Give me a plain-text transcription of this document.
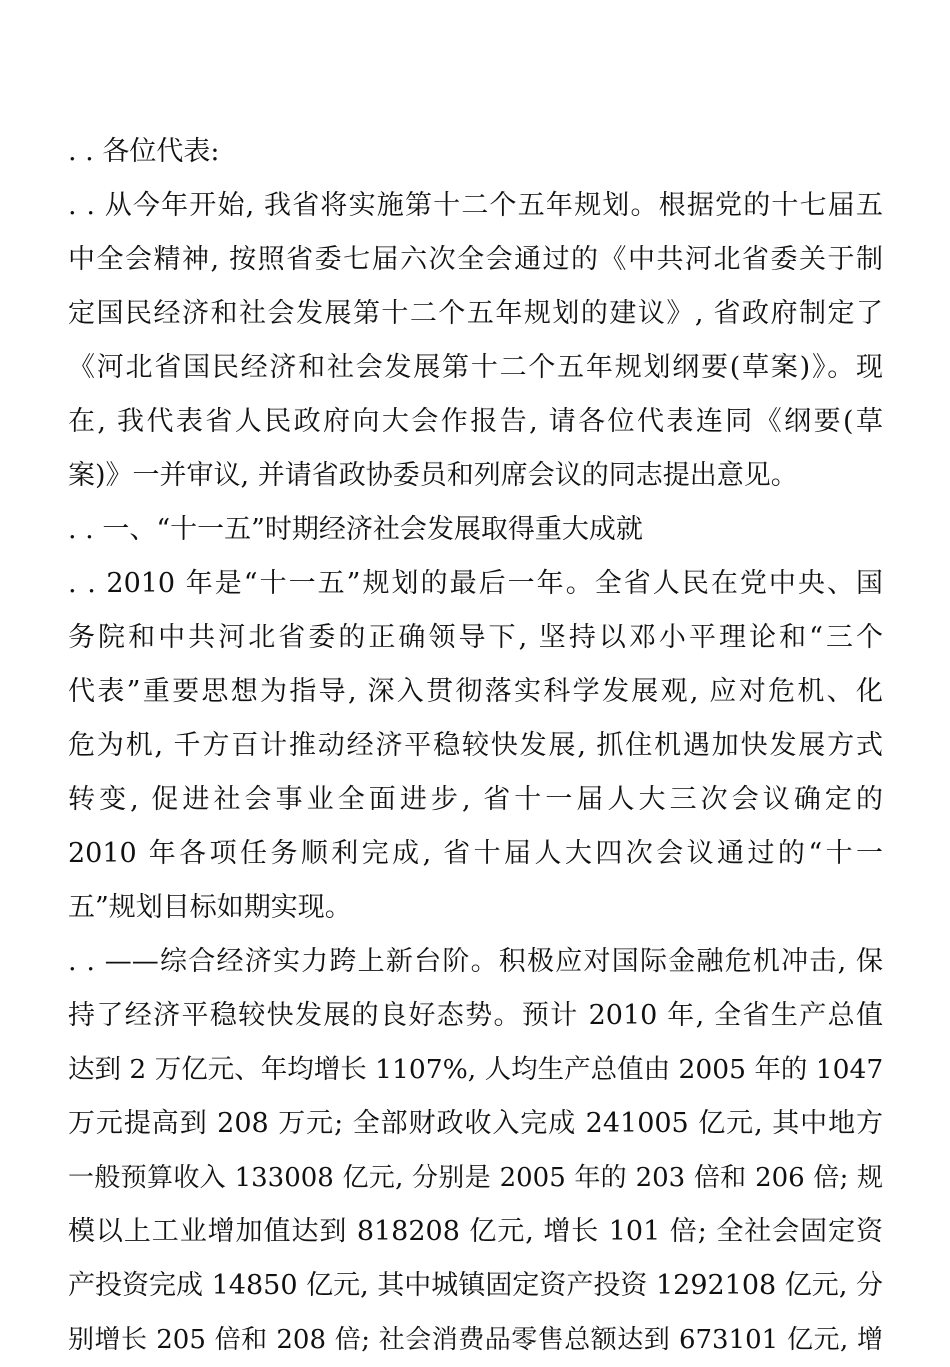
. . 各位代表:
. . 从今年开始, 我省将实施第十二个五年规划。根据党的十七届五
中全会精神, 按照省委七届六次全会通过的《中共河北省委关于制
定国民经济和社会发展第十二个五年规划的建议》, 省政府制定了
《河北省国民经济和社会发展第十二个五年规划纲要(草案)》。现
在, 我代表省人民政府向大会作报告, 请各位代表连同《纲要(草
案)》一并审议, 并请省政协委员和列席会议的同志提出意见。
. . 一、“十一五”时期经济社会发展取得重大成就
. . 2010 年是“十一五”规划的最后一年。全省人民在党中央、国
务院和中共河北省委的正确领导下, 坚持以邓小平理论和“三个
代表”重要思想为指导, 深入贯彻落实科学发展观, 应对危机、化
危为机, 千方百计推动经济平稳较快发展, 抓住机遇加快发展方式
转变, 促进社会事业全面进步, 省十一届人大三次会议确定的
2010 年各项任务顺利完成, 省十届人大四次会议通过的“十一
五”规划目标如期实现。
. . ——综合经济实力跨上新台阶。积极应对国际金融危机冲击, 保
持了经济平稳较快发展的良好态势。预计 2010 年, 全省生产总值
达到 2 万亿元、年均增长 1107%, 人均生产总值由 2005 年的 1047
万元提高到 208 万元; 全部财政收入完成 241005 亿元, 其中地方
一般预算收入 133008 亿元, 分别是 2005 年的 203 倍和 206 倍; 规
模以上工业增加值达到 818208 亿元, 增长 101 倍; 全社会固定资
产投资完成 14850 亿元, 其中城镇固定资产投资 1292108 亿元, 分
别增长 205 倍和 208 倍; 社会消费品零售总额达到 673101 亿元, 增
